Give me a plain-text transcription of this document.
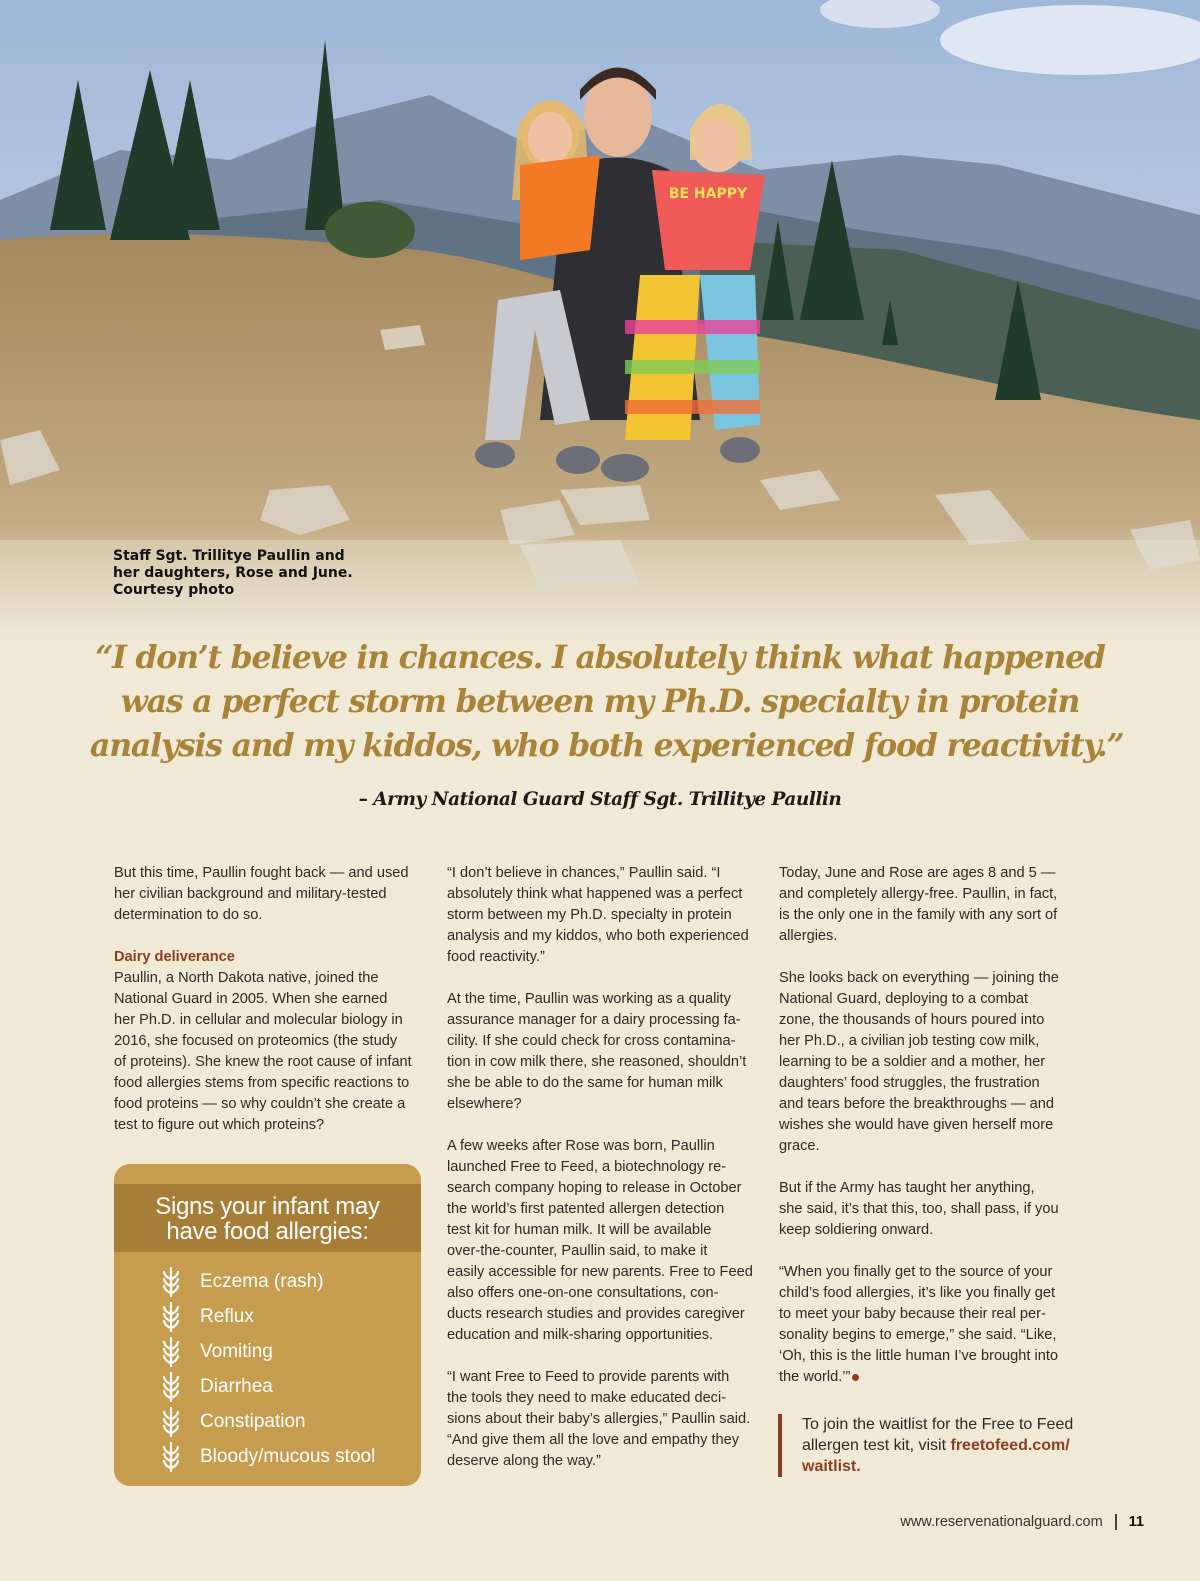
BE HAPPY
Staff Sgt. Trillitye Paullin and
her daughters, Rose and June.
Courtesy photo
“I don’t believe in chances. I absolutely think what happened
was a perfect storm between my Ph.D. specialty in protein
analysis and my kiddos, who both experienced food reactivity.”
– Army National Guard Staff Sgt. Trillitye Paullin

But this time, Paullin fought back — and used
her civilian background and military-tested
determination to do so.

Dairy deliverance
Paullin, a North Dakota native, joined the
National Guard in 2005. When she earned
her Ph.D. in cellular and molecular biology in
2016, she focused on proteomics (the study
of proteins). She knew the root cause of infant
food allergies stems from specific reactions to
food proteins — so why couldn’t she create a
test to figure out which proteins?

Signs your infant may
have food allergies:
Eczema (rash)
Reflux
Vomiting
Diarrhea
Constipation
Bloody/mucous stool

“I don’t believe in chances,” Paullin said. “I
absolutely think what happened was a perfect
storm between my Ph.D. specialty in protein
analysis and my kiddos, who both experienced
food reactivity.”

At the time, Paullin was working as a quality
assurance manager for a dairy processing fa-
cility. If she could check for cross contamina-
tion in cow milk there, she reasoned, shouldn’t
she be able to do the same for human milk
elsewhere?

A few weeks after Rose was born, Paullin
launched Free to Feed, a biotechnology re-
search company hoping to release in October
the world’s first patented allergen detection
test kit for human milk. It will be available
over-the-counter, Paullin said, to make it
easily accessible for new parents. Free to Feed
also offers one-on-one consultations, con-
ducts research studies and provides caregiver
education and milk-sharing opportunities.

“I want Free to Feed to provide parents with
the tools they need to make educated deci-
sions about their baby’s allergies,” Paullin said.
“And give them all the love and empathy they
deserve along the way.”

Today, June and Rose are ages 8 and 5 —
and completely allergy-free. Paullin, in fact,
is the only one in the family with any sort of
allergies.

She looks back on everything — joining the
National Guard, deploying to a combat
zone, the thousands of hours poured into
her Ph.D., a civilian job testing cow milk,
learning to be a soldier and a mother, her
daughters’ food struggles, the frustration
and tears before the breakthroughs — and
wishes she would have given herself more
grace.

But if the Army has taught her anything,
she said, it’s that this, too, shall pass, if you
keep soldiering onward.

“When you finally get to the source of your
child’s food allergies, it’s like you finally get
to meet your baby because their real per-
sonality begins to emerge,” she said. “Like,
‘Oh, this is the little human I’ve brought into
the world.’”

To join the waitlist for the Free to Feed
allergen test kit, visit freetofeed.com/
waitlist.
www.reservenationalguard.com 11
